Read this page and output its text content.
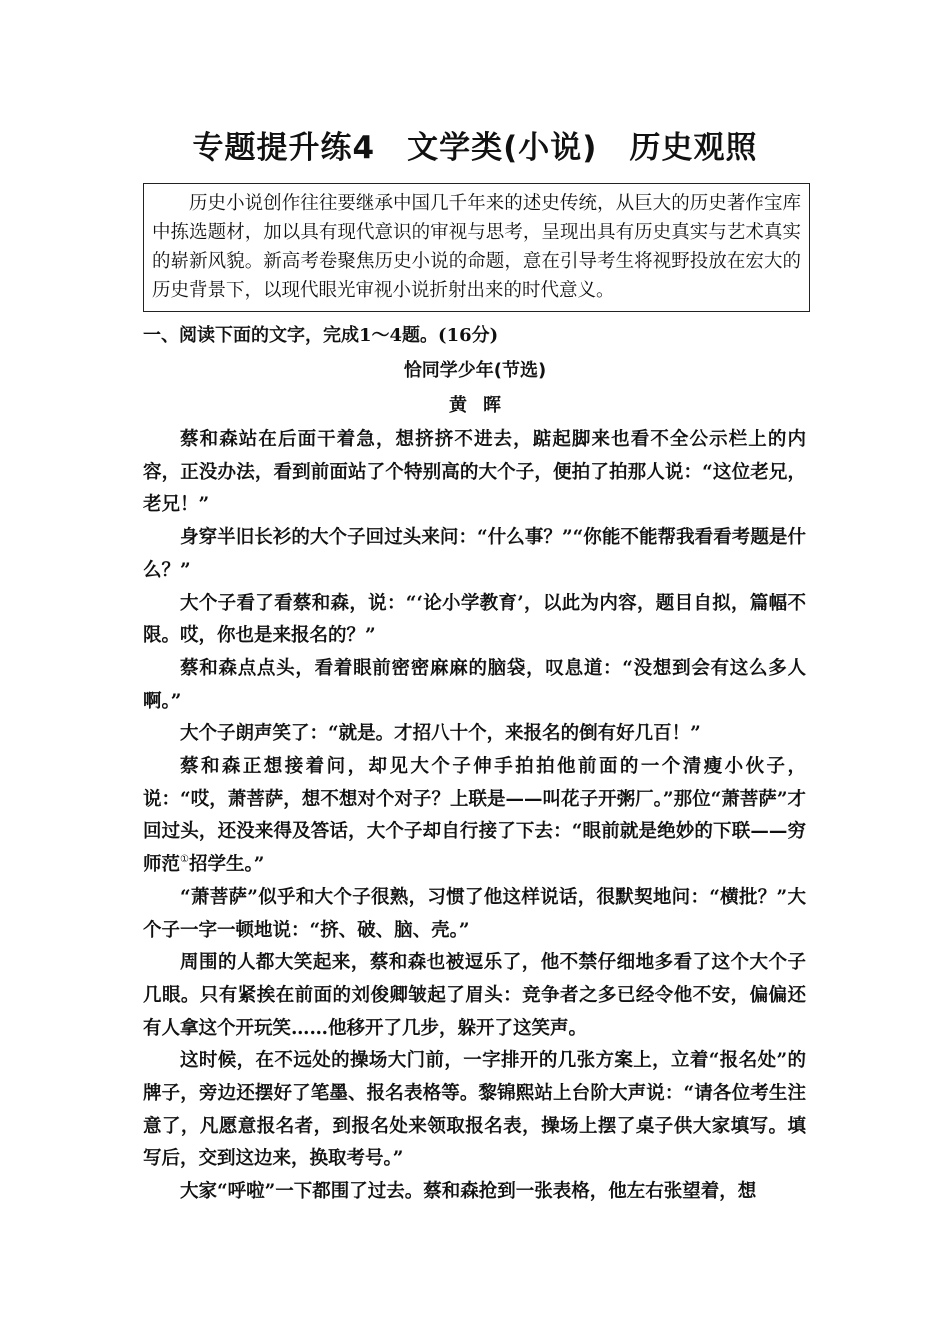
专题提升练4　文学类(小说)　历史观照
历史小说创作往往要继承中国几千年来的述史传统，从巨大的历史著作宝库中拣选题材，加以具有现代意识的审视与思考，呈现出具有历史真实与艺术真实的崭新风貌。新高考卷聚焦历史小说的命题，意在引导考生将视野投放在宏大的历史背景下，以现代眼光审视小说折射出来的时代意义。
一、阅读下面的文字，完成1～4题。(16分)
恰同学少年(节选)
黄晖

蔡和森站在后面干着急，想挤挤不进去，踮起脚来也看不全公示栏上的内容，正没办法，看到前面站了个特别高的大个子，便拍了拍那人说：“这位老兄，老兄！”

身穿半旧长衫的大个子回过头来问：“什么事？”“你能不能帮我看看考题是什么？”

大个子看了看蔡和森，说：“‘论小学教育’，以此为内容，题目自拟，篇幅不限。哎，你也是来报名的？”

蔡和森点点头，看着眼前密密麻麻的脑袋，叹息道：“没想到会有这么多人啊。”

大个子朗声笑了：“就是。才招八十个，来报名的倒有好几百！”

蔡和森正想接着问，却见大个子伸手拍拍他前面的一个清瘦小伙子，说：“哎，萧菩萨，想不想对个对子？上联是——叫花子开粥厂。”那位“萧菩萨”才回过头，还没来得及答话，大个子却自行接了下去：“眼前就是绝妙的下联——穷师范①招学生。”

“萧菩萨”似乎和大个子很熟，习惯了他这样说话，很默契地问：“横批？”大个子一字一顿地说：“挤、破、脑、壳。”

周围的人都大笑起来，蔡和森也被逗乐了，他不禁仔细地多看了这个大个子几眼。只有紧挨在前面的刘俊卿皱起了眉头：竞争者之多已经令他不安，偏偏还有人拿这个开玩笑……他移开了几步，躲开了这笑声。

这时候，在不远处的操场大门前，一字排开的几张方案上，立着“报名处”的牌子，旁边还摆好了笔墨、报名表格等。黎锦熙站上台阶大声说：“请各位考生注意了，凡愿意报名者，到报名处来领取报名表，操场上摆了桌子供大家填写。填写后，交到这边来，换取考号。”

大家“呼啦”一下都围了过去。蔡和森抢到一张表格，他左右张望着，想
